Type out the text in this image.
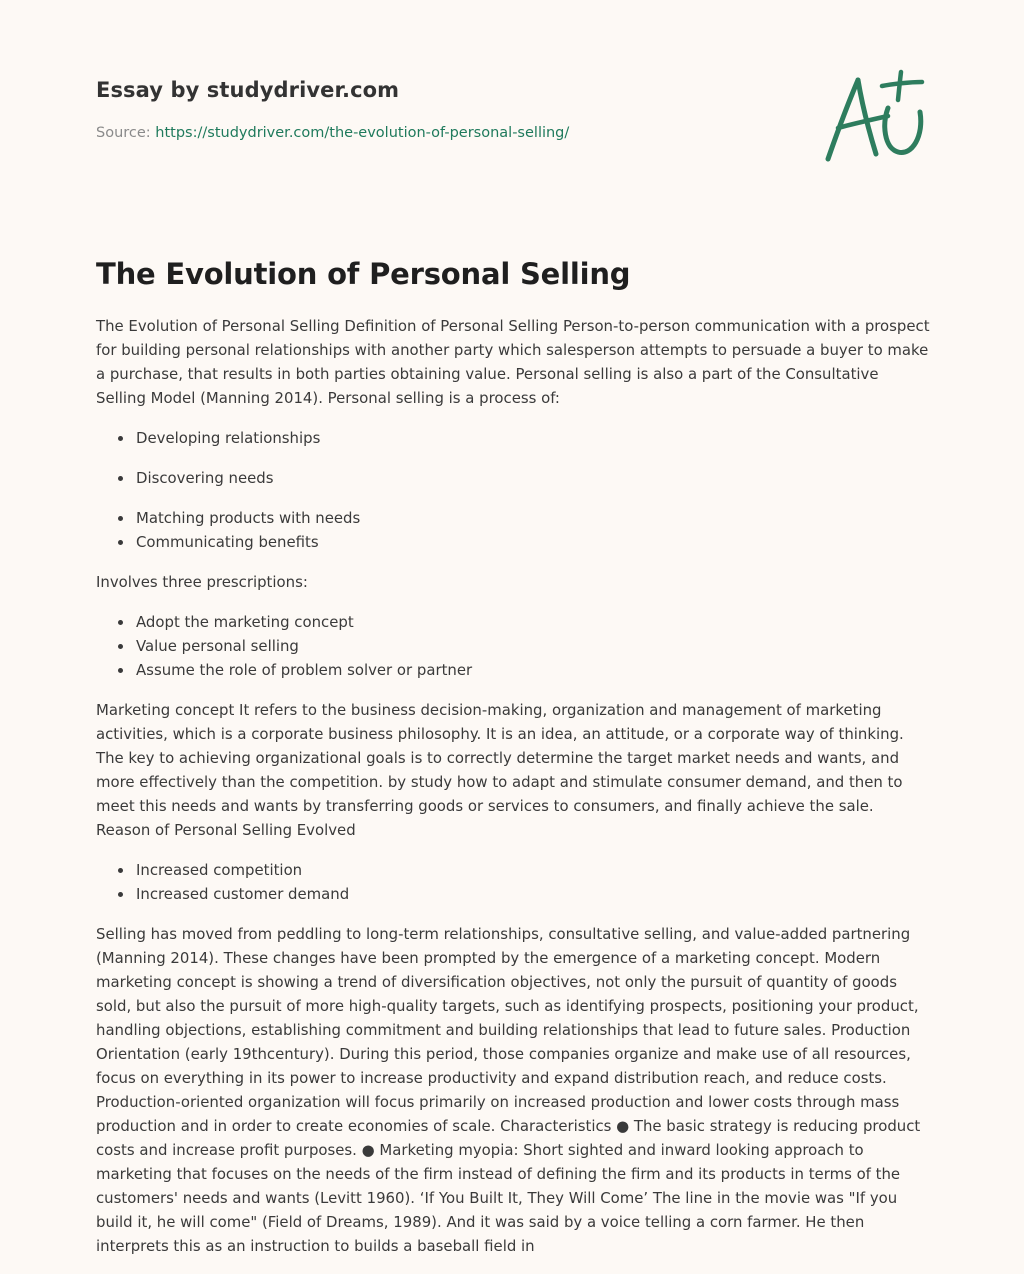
Essay by studydriver.com
Source: https://studydriver.com/the-evolution-of-personal-selling/
The Evolution of Personal Selling

The Evolution of Personal Selling Definition of Personal Selling Person-to-person communication with a prospect for building personal relationships with another party which salesperson attempts to persuade a buyer to make a purchase, that results in both parties obtaining value. Personal selling is also a part of the Consultative Selling Model (Manning 2014). Personal selling is a process of:

Developing relationships
Discovering needs
Matching products with needs
Communicating benefits

Involves three prescriptions:

Adopt the marketing concept
Value personal selling
Assume the role of problem solver or partner

Marketing concept It refers to the business decision-making, organization and management of marketing activities, which is a corporate business philosophy. It is an idea, an attitude, or a corporate way of thinking. The key to achieving organizational goals is to correctly determine the target market needs and wants, and more effectively than the competition. by study how to adapt and stimulate consumer demand, and then to meet this needs and wants by transferring goods or services to consumers, and finally achieve the sale. Reason of Personal Selling Evolved

Increased competition
Increased customer demand

Selling has moved from peddling to long-term relationships, consultative selling, and value-added partnering (Manning 2014). These changes have been prompted by the emergence of a marketing concept. Modern marketing concept is showing a trend of diversification objectives, not only the pursuit of quantity of goods sold, but also the pursuit of more high-quality targets, such as identifying prospects, positioning your product, handling objections, establishing commitment and building relationships that lead to future sales. Production Orientation (early 19thcentury). During this period, those companies organize and make use of all resources, focus on everything in its power to increase productivity and expand distribution reach, and reduce costs. Production-oriented organization will focus primarily on increased production and lower costs through mass production and in order to create economies of scale. Characteristics ● The basic strategy is reducing product costs and increase profit purposes. ● Marketing myopia: Short sighted and inward looking approach to marketing that focuses on the needs of the firm instead of defining the firm and its products in terms of the customers' needs and wants (Levitt 1960). ‘If You Built It, They Will Come’ The line in the movie was "If you build it, he will come" (Field of Dreams, 1989). And it was said by a voice telling a corn farmer. He then interprets this as an instruction to builds a baseball field in
